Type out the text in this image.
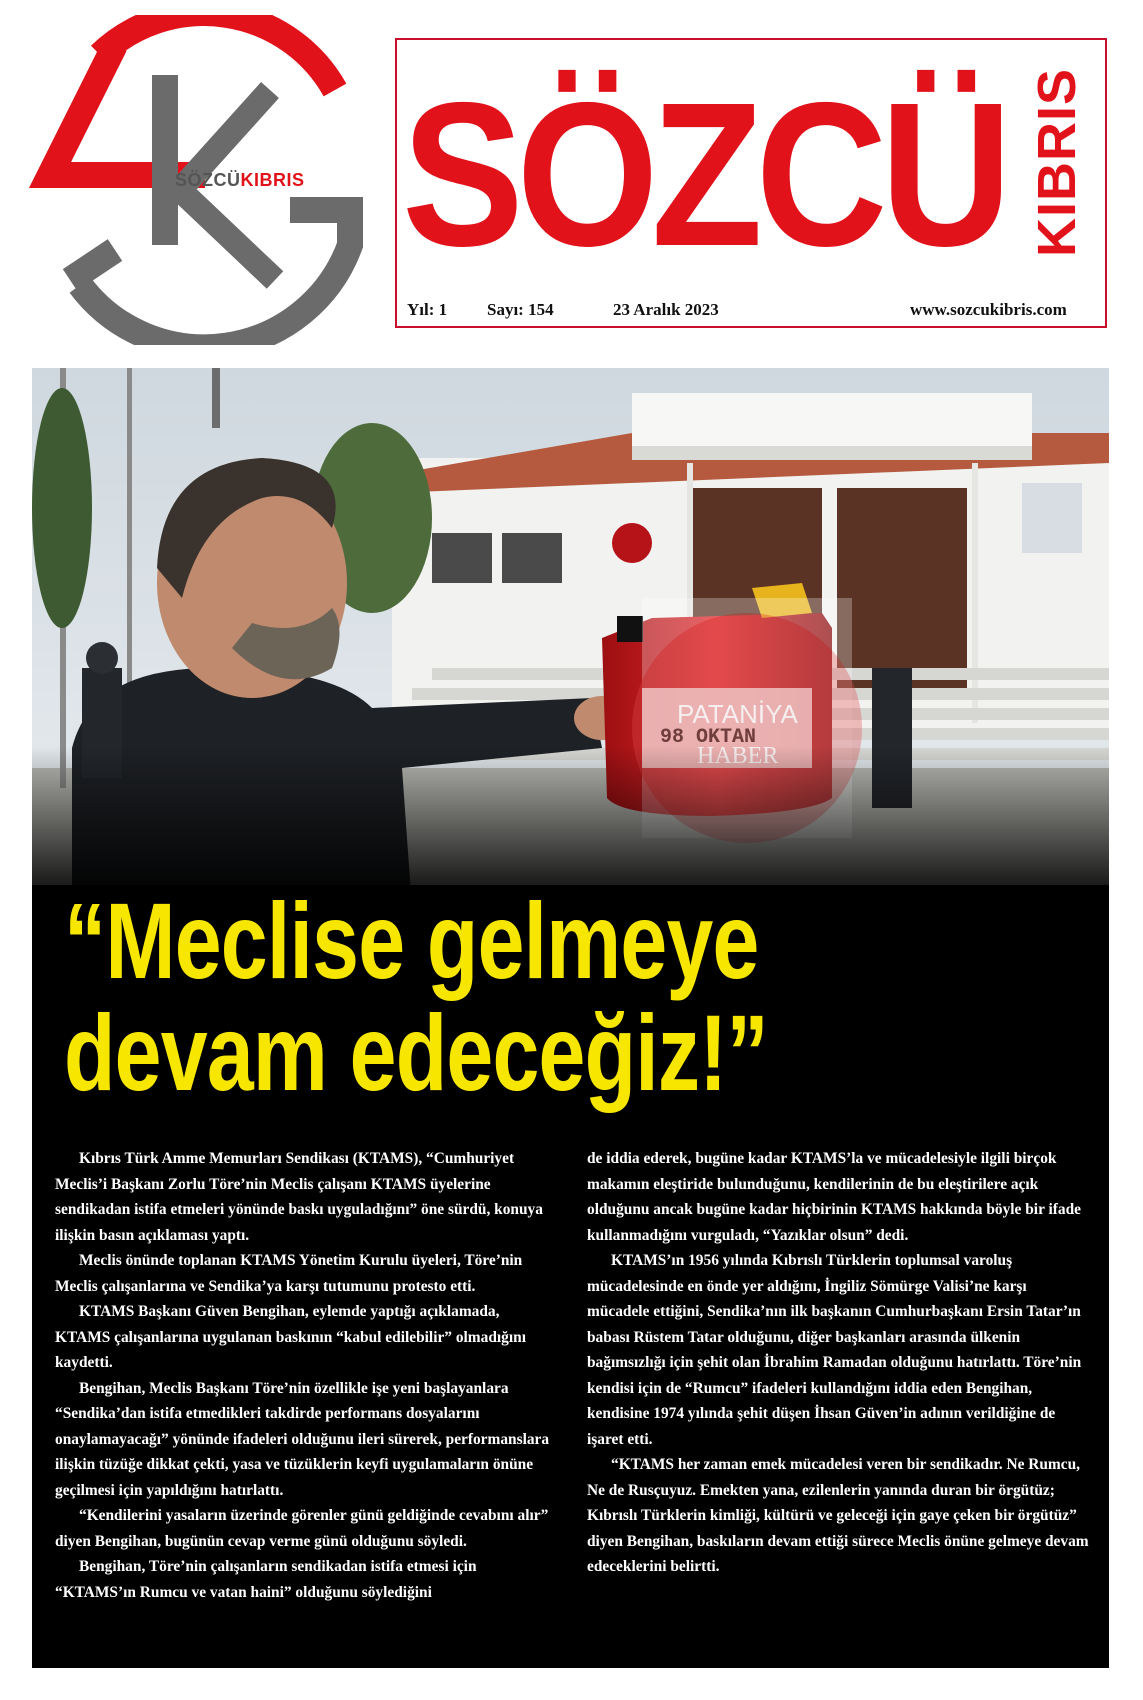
SÖZCÜKIBRIS SÖZCÜ KIBRIS
Yıl: 1 Sayı: 154	23 Aralık 2023	www.sozcukibris.com
“Meclise gelmeye
devam edeceğiz!”

Kıbrıs Türk Amme Memurları Sendikası (KTAMS), “Cumhuriyet Meclis’i Başkanı Zorlu Töre’nin Meclis çalışanı KTAMS üyelerine sendikadan istifa etmeleri yönünde baskı uyguladığını” öne sürdü, konuya ilişkin basın açıklaması yaptı.

Meclis önünde toplanan KTAMS Yönetim Kurulu üyeleri, Töre’nin Meclis çalışanlarına ve Sendika’ya karşı tutumunu protesto etti.

KTAMS Başkanı Güven Bengihan, eylemde yaptığı açıklamada, KTAMS çalışanlarına uygulanan baskının “kabul edilebilir” olmadığını kaydetti.

Bengihan, Meclis Başkanı Töre’nin özellikle işe yeni başlayanlara “Sendika’dan istifa etmedikleri takdirde performans dosyalarını onaylamayacağı” yönünde ifadeleri olduğunu ileri sürerek, performanslara ilişkin tüzüğe dikkat çekti, yasa ve tüzüklerin keyfi uygulamaların önüne geçilmesi için yapıldığını hatırlattı.

“Kendilerini yasaların üzerinde görenler günü geldiğinde cevabını alır” diyen Bengihan, bugünün cevap verme günü olduğunu söyledi.

Bengihan, Töre’nin çalışanların sendikadan istifa etmesi için “KTAMS’ın Rumcu ve vatan haini” olduğunu söylediğini

de iddia ederek, bugüne kadar KTAMS’la ve mücadelesiyle ilgili birçok makamın eleştiride bulunduğunu, kendilerinin de bu eleştirilere açık olduğunu ancak bugüne kadar hiçbirinin KTAMS hakkında böyle bir ifade kullanmadığını vurguladı, “Yazıklar olsun” dedi.

KTAMS’ın 1956 yılında Kıbrıslı Türklerin toplumsal varoluş mücadelesinde en önde yer aldığını, İngiliz Sömürge Valisi’ne karşı mücadele ettiğini, Sendika’nın ilk başkanın Cumhurbaşkanı Ersin Tatar’ın babası Rüstem Tatar olduğunu, diğer başkanları arasında ülkenin bağımsızlığı için şehit olan İbrahim Ramadan olduğunu hatırlattı. Töre’nin kendisi için de “Rumcu” ifadeleri kullandığını iddia eden Bengihan, kendisine 1974 yılında şehit düşen İhsan Güven’in adının verildiğine de işaret etti.

“KTAMS her zaman emek mücadelesi veren bir sendikadır. Ne Rumcu, Ne de Rusçuyuz. Emekten yana, ezilenlerin yanında duran bir örgütüz; Kıbrıslı Türklerin kimliği, kültürü ve geleceği için gaye çeken bir örgütüz” diyen Bengihan, baskıların devam ettiği sürece Meclis önüne gelmeye devam edeceklerini belirtti.
